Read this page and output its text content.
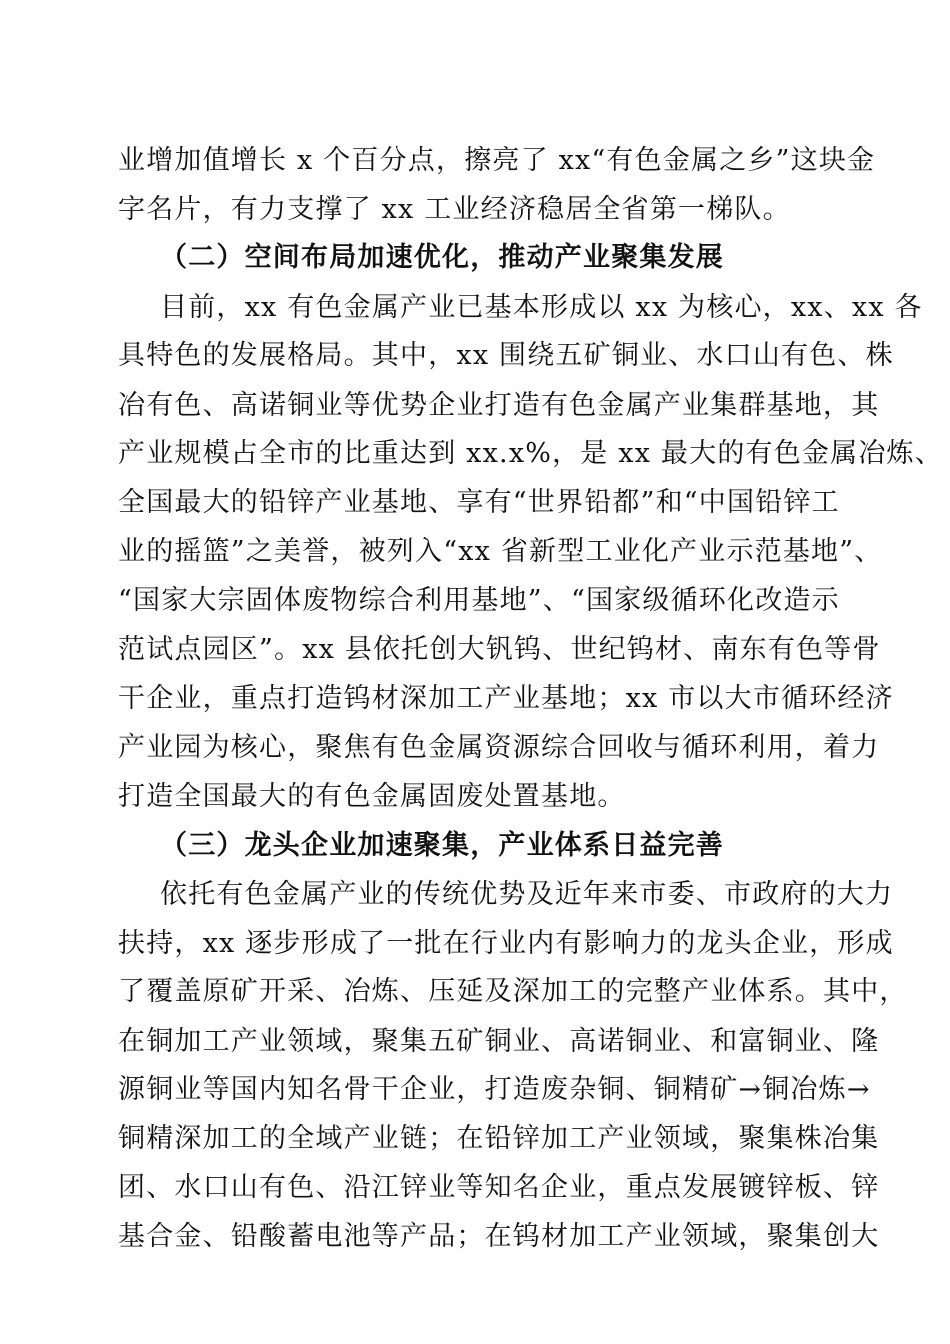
业增加值增长 x 个百分点，擦亮了 xx“有色金属之乡”这块金
字名片，有力支撑了 xx 工业经济稳居全省第一梯队。
（二）空间布局加速优化，推动产业聚集发展
目前，xx 有色金属产业已基本形成以 xx 为核心，xx、xx 各
具特色的发展格局。其中，xx 围绕五矿铜业、水口山有色、株
冶有色、高诺铜业等优势企业打造有色金属产业集群基地，其
产业规模占全市的比重达到 xx.x%，是 xx 最大的有色金属冶炼、
全国最大的铅锌产业基地、享有“世界铅都”和“中国铅锌工
业的摇篮”之美誉，被列入“xx 省新型工业化产业示范基地”、
“国家大宗固体废物综合利用基地”、“国家级循环化改造示
范试点园区”。xx 县依托创大钒钨、世纪钨材、南东有色等骨
干企业，重点打造钨材深加工产业基地；xx 市以大市循环经济
产业园为核心，聚焦有色金属资源综合回收与循环利用，着力
打造全国最大的有色金属固废处置基地。
（三）龙头企业加速聚集，产业体系日益完善
依托有色金属产业的传统优势及近年来市委、市政府的大力
扶持，xx 逐步形成了一批在行业内有影响力的龙头企业，形成
了覆盖原矿开采、冶炼、压延及深加工的完整产业体系。其中，
在铜加工产业领域，聚集五矿铜业、高诺铜业、和富铜业、隆
源铜业等国内知名骨干企业，打造废杂铜、铜精矿→铜冶炼→
铜精深加工的全域产业链；在铅锌加工产业领域，聚集株冶集
团、水口山有色、沿江锌业等知名企业，重点发展镀锌板、锌
基合金、铅酸蓄电池等产品；在钨材加工产业领域，聚集创大
